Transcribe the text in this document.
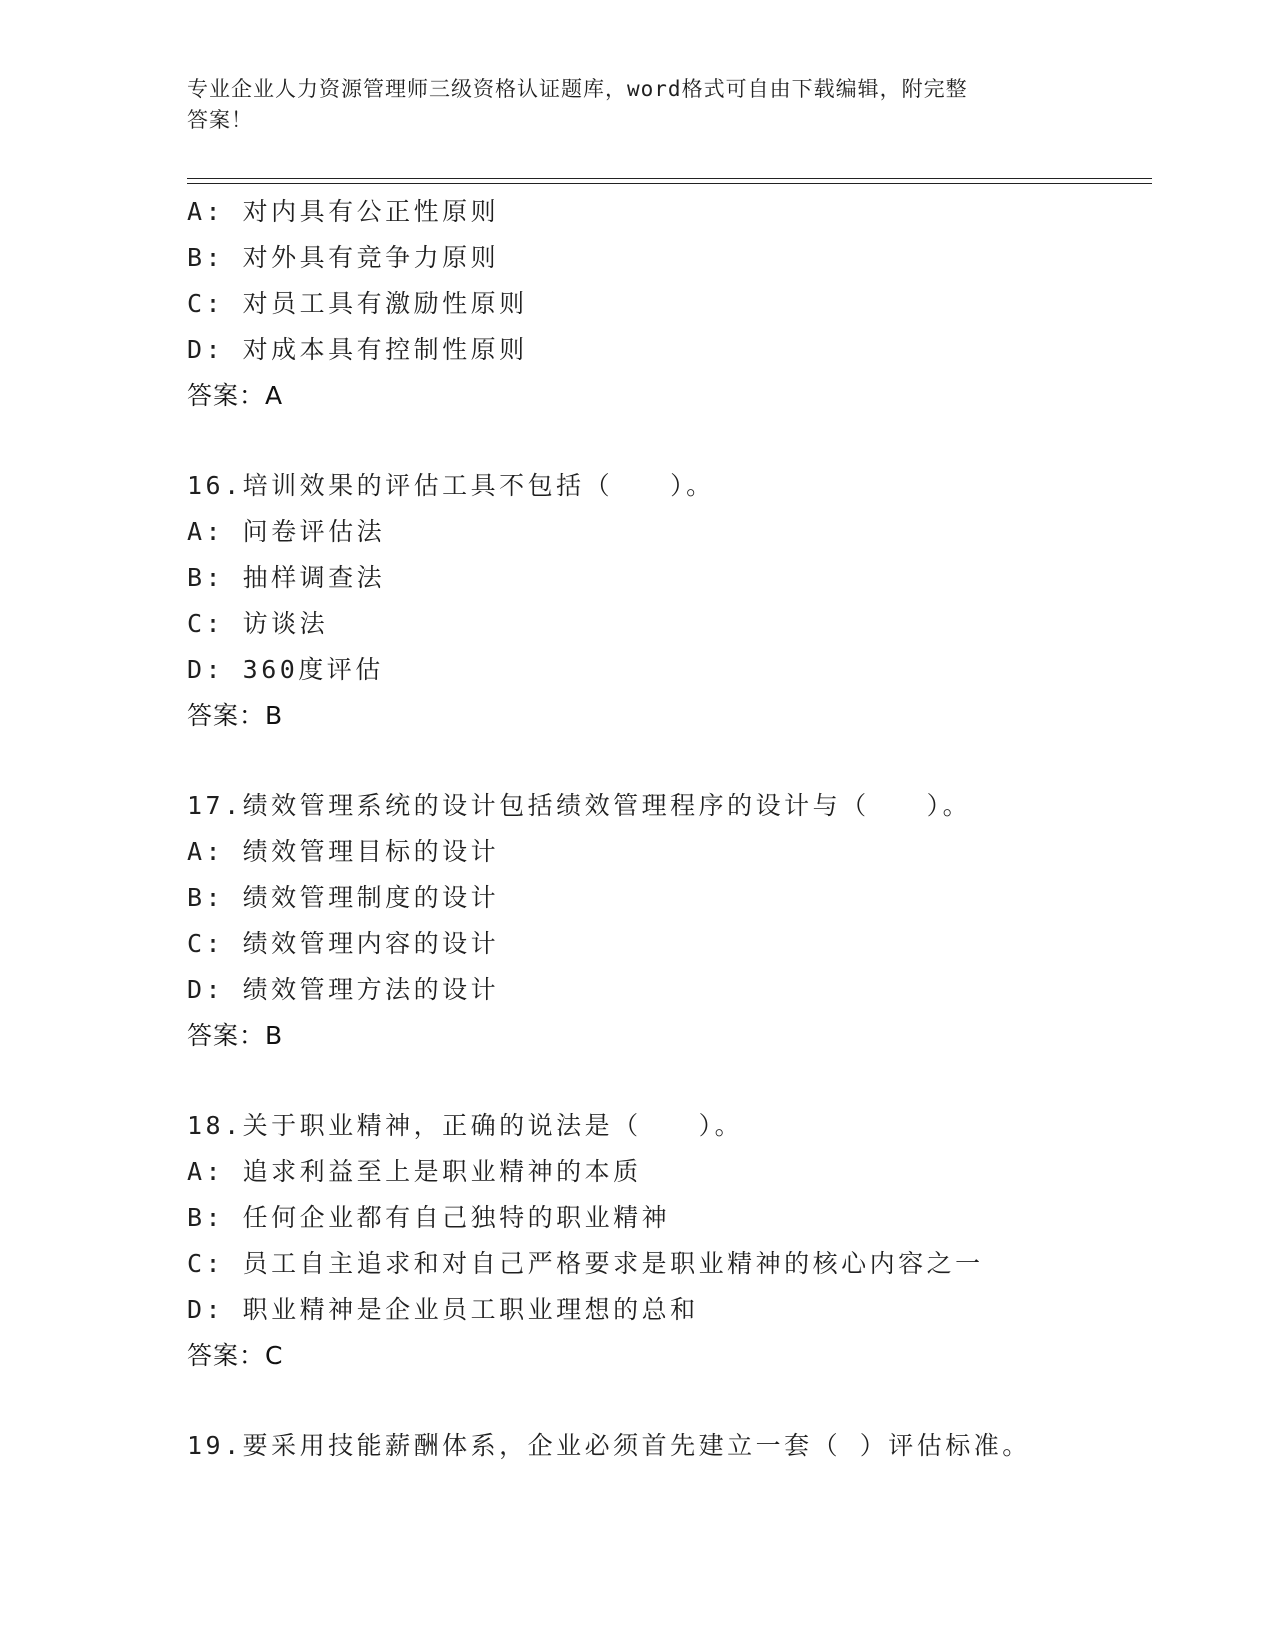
专业企业人力资源管理师三级资格认证题库，word格式可自由下载编辑，附完整
答案！
A: 对内具有公正性原则
B: 对外具有竞争力原则
C: 对员工具有激励性原则
D: 对成本具有控制性原则
答案：A
16.培训效果的评估工具不包括（　　）。
A: 问卷评估法
B: 抽样调查法
C: 访谈法
D: 360度评估
答案：B
17.绩效管理系统的设计包括绩效管理程序的设计与（　　）。
A: 绩效管理目标的设计
B: 绩效管理制度的设计
C: 绩效管理内容的设计
D: 绩效管理方法的设计
答案：B
18.关于职业精神，正确的说法是（　　）。
A: 追求利益至上是职业精神的本质
B: 任何企业都有自己独特的职业精神
C: 员工自主追求和对自己严格要求是职业精神的核心内容之一
D: 职业精神是企业员工职业理想的总和
答案：C
19.要采用技能薪酬体系，企业必须首先建立一套（ ）评估标准。
